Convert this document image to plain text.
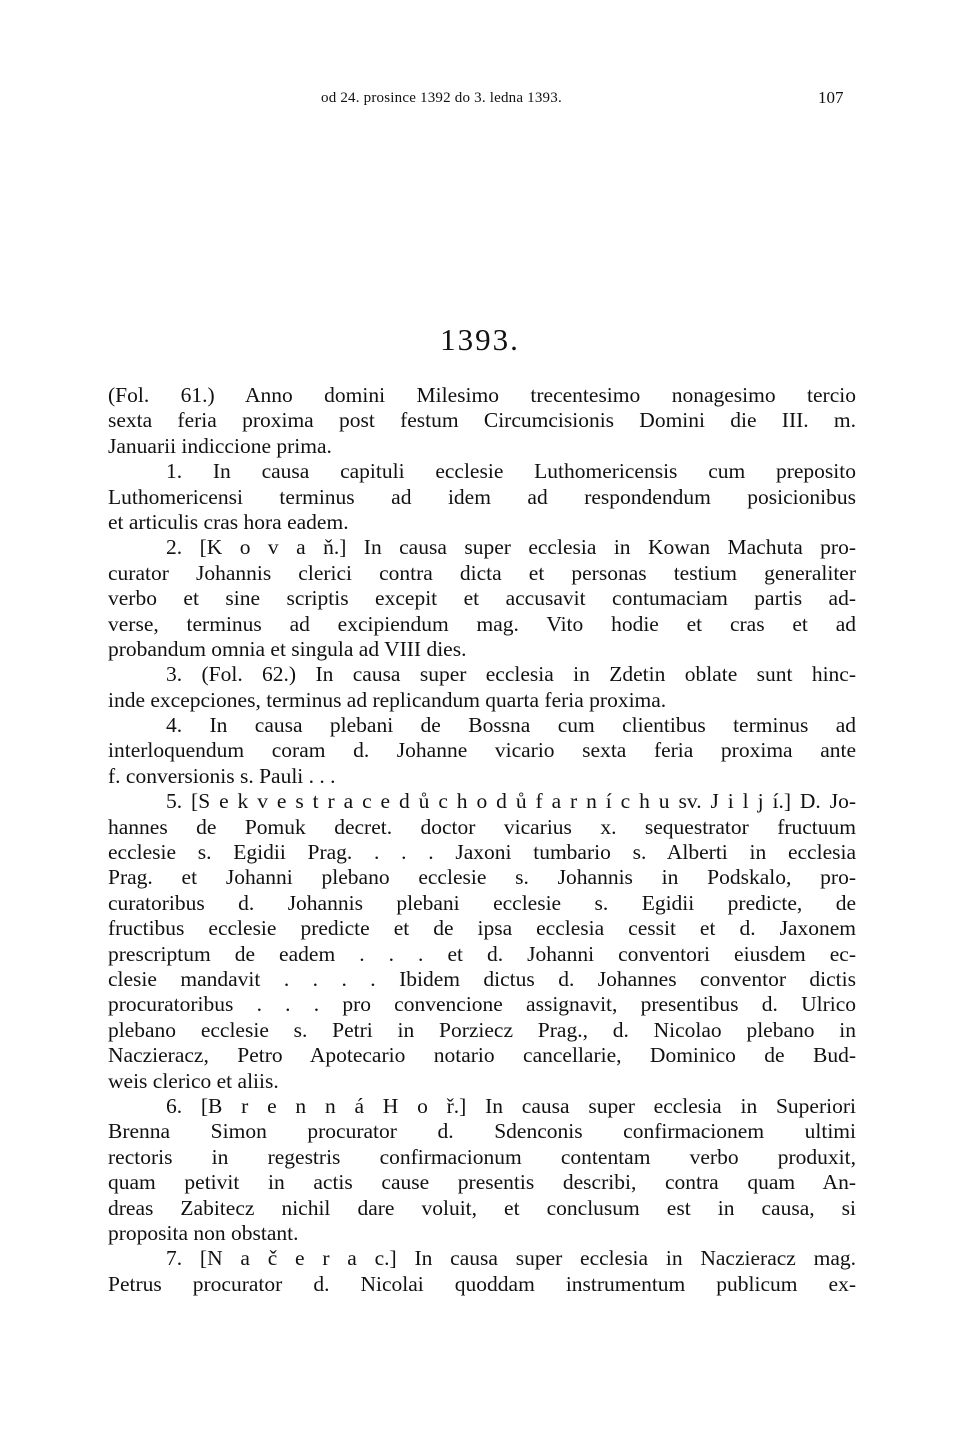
od 24. prosince 1392 do 3. ledna 1393.	107
1393.
(Fol. 61.) Anno domini Milesimo trecentesimo nonagesimo tercio
sexta feria proxima post festum Circumcisionis Domini die III. m.
Januarii indiccione prima.
1. In causa capituli ecclesie Luthomericensis cum preposito
Luthomericensi terminus ad idem ad respondendum posicionibus
et articulis cras hora eadem.
2. [K o v a ň.] In causa super ecclesia in Kowan Machuta pro-
curator Johannis clerici contra dicta et personas testium generaliter
verbo et sine scriptis excepit et accusavit contumaciam partis ad-
verse, terminus ad excipiendum mag. Vito hodie et cras et ad
probandum omnia et singula ad VIII dies.
3. (Fol. 62.) In causa super ecclesia in Zdetin oblate sunt hinc-
inde excepciones, terminus ad replicandum quarta feria proxima.
4. In causa plebani de Bossna cum clientibus terminus ad
interloquendum coram d. Johanne vicario sexta feria proxima ante
f. conversionis s. Pauli . . .
5. [S e k v e s t r a c e d ů c h o d ů f a r n í c h u sv. J i l j í.] D. Jo-
hannes de Pomuk decret. doctor vicarius x. sequestrator fructuum
ecclesie s. Egidii Prag. . . . Jaxoni tumbario s. Alberti in ecclesia
Prag. et Johanni plebano ecclesie s. Johannis in Podskalo, pro-
curatoribus d. Johannis plebani ecclesie s. Egidii predicte, de
fructibus ecclesie predicte et de ipsa ecclesia cessit et d. Jaxonem
prescriptum de eadem . . . et d. Johanni conventori eiusdem ec-
clesie mandavit . . . . Ibidem dictus d. Johannes conventor dictis
procuratoribus . . . pro convencione assignavit, presentibus d. Ulrico
plebano ecclesie s. Petri in Porziecz Prag., d. Nicolao plebano in
Naczieracz, Petro Apotecario notario cancellarie, Dominico de Bud-
weis clerico et aliis.
6. [B r e n n á H o ř.] In causa super ecclesia in Superiori
Brenna Simon procurator d. Sdenconis confirmacionem ultimi
rectoris in regestris confirmacionum contentam verbo produxit,
quam petivit in actis cause presentis describi, contra quam An-
dreas Zabitecz nichil dare voluit, et conclusum est in causa, si
proposita non obstant.
7. [N a č e r a c.] In causa super ecclesia in Naczieracz mag.
Petrus procurator d. Nicolai quoddam instrumentum publicum ex-
